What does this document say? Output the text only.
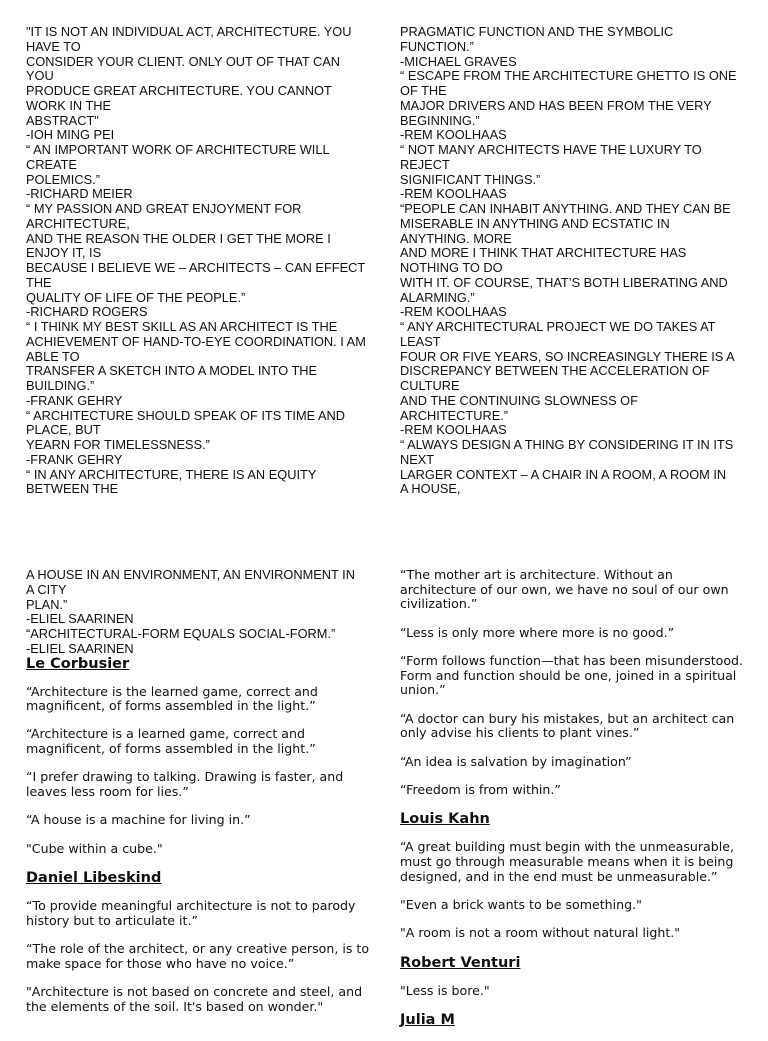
"IT IS NOT AN INDIVIDUAL ACT, ARCHITECTURE. YOU
HAVE TO
CONSIDER YOUR CLIENT. ONLY OUT OF THAT CAN
YOU
PRODUCE GREAT ARCHITECTURE. YOU CANNOT
WORK IN THE
ABSTRACT"
-IOH MING PEI
“ AN IMPORTANT WORK OF ARCHITECTURE WILL
CREATE
POLEMICS.”
-RICHARD MEIER
“ MY PASSION AND GREAT ENJOYMENT FOR
ARCHITECTURE,
AND THE REASON THE OLDER I GET THE MORE I
ENJOY IT, IS
BECAUSE I BELIEVE WE – ARCHITECTS – CAN EFFECT
THE
QUALITY OF LIFE OF THE PEOPLE.”
-RICHARD ROGERS
“ I THINK MY BEST SKILL AS AN ARCHITECT IS THE
ACHIEVEMENT OF HAND-TO-EYE COORDINATION. I AM
ABLE TO
TRANSFER A SKETCH INTO A MODEL INTO THE
BUILDING.”
-FRANK GEHRY
“ ARCHITECTURE SHOULD SPEAK OF ITS TIME AND
PLACE, BUT
YEARN FOR TIMELESSNESS.”
-FRANK GEHRY
“ IN ANY ARCHITECTURE, THERE IS AN EQUITY
BETWEEN THE
PRAGMATIC FUNCTION AND THE SYMBOLIC
FUNCTION.”
-MICHAEL GRAVES
“ ESCAPE FROM THE ARCHITECTURE GHETTO IS ONE
OF THE
MAJOR DRIVERS AND HAS BEEN FROM THE VERY
BEGINNING.”
-REM KOOLHAAS
“ NOT MANY ARCHITECTS HAVE THE LUXURY TO
REJECT
SIGNIFICANT THINGS.”
-REM KOOLHAAS
“PEOPLE CAN INHABIT ANYTHING. AND THEY CAN BE
MISERABLE IN ANYTHING AND ECSTATIC IN
ANYTHING. MORE
AND MORE I THINK THAT ARCHITECTURE HAS
NOTHING TO DO
WITH IT. OF COURSE, THAT’S BOTH LIBERATING AND
ALARMING.”
-REM KOOLHAAS
“ ANY ARCHITECTURAL PROJECT WE DO TAKES AT
LEAST
FOUR OR FIVE YEARS, SO INCREASINGLY THERE IS A
DISCREPANCY BETWEEN THE ACCELERATION OF
CULTURE
AND THE CONTINUING SLOWNESS OF
ARCHITECTURE.”
-REM KOOLHAAS
“ ALWAYS DESIGN A THING BY CONSIDERING IT IN ITS
NEXT
LARGER CONTEXT – A CHAIR IN A ROOM, A ROOM IN
A HOUSE,
A HOUSE IN AN ENVIRONMENT, AN ENVIRONMENT IN
A CITY
PLAN.”
-ELIEL SAARINEN
“ARCHITECTURAL-FORM EQUALS SOCIAL-FORM.”
-ELIEL SAARINEN
Le Corbusier

“Architecture is the learned game, correct and magnificent, of forms assembled in the light.”

“Architecture is a learned game, correct and magnificent, of forms assembled in the light.”

“I prefer drawing to talking. Drawing is faster, and leaves less room for lies.”

“A house is a machine for living in.”

"Cube within a cube."

Daniel Libeskind

“To provide meaningful architecture is not to parody history but to articulate it.”

“The role of the architect, or any creative person, is to make space for those who have no voice.”

"Architecture is not based on concrete and steel, and the elements of the soil. It's based on wonder."

“The mother art is architecture. Without an architecture of our own, we have no soul of our own civilization.”

“Less is only more where more is no good.”

“Form follows function—that has been misunderstood. Form and function should be one, joined in a spiritual union.”

“A doctor can bury his mistakes, but an architect can only advise his clients to plant vines.”

“An idea is salvation by imagination”

“Freedom is from within.”

Louis Kahn

“A great building must begin with the unmeasurable, must go through measurable means when it is being designed, and in the end must be unmeasurable.”

"Even a brick wants to be something."

"A room is not a room without natural light."

Robert Venturi

"Less is bore."

Julia M
